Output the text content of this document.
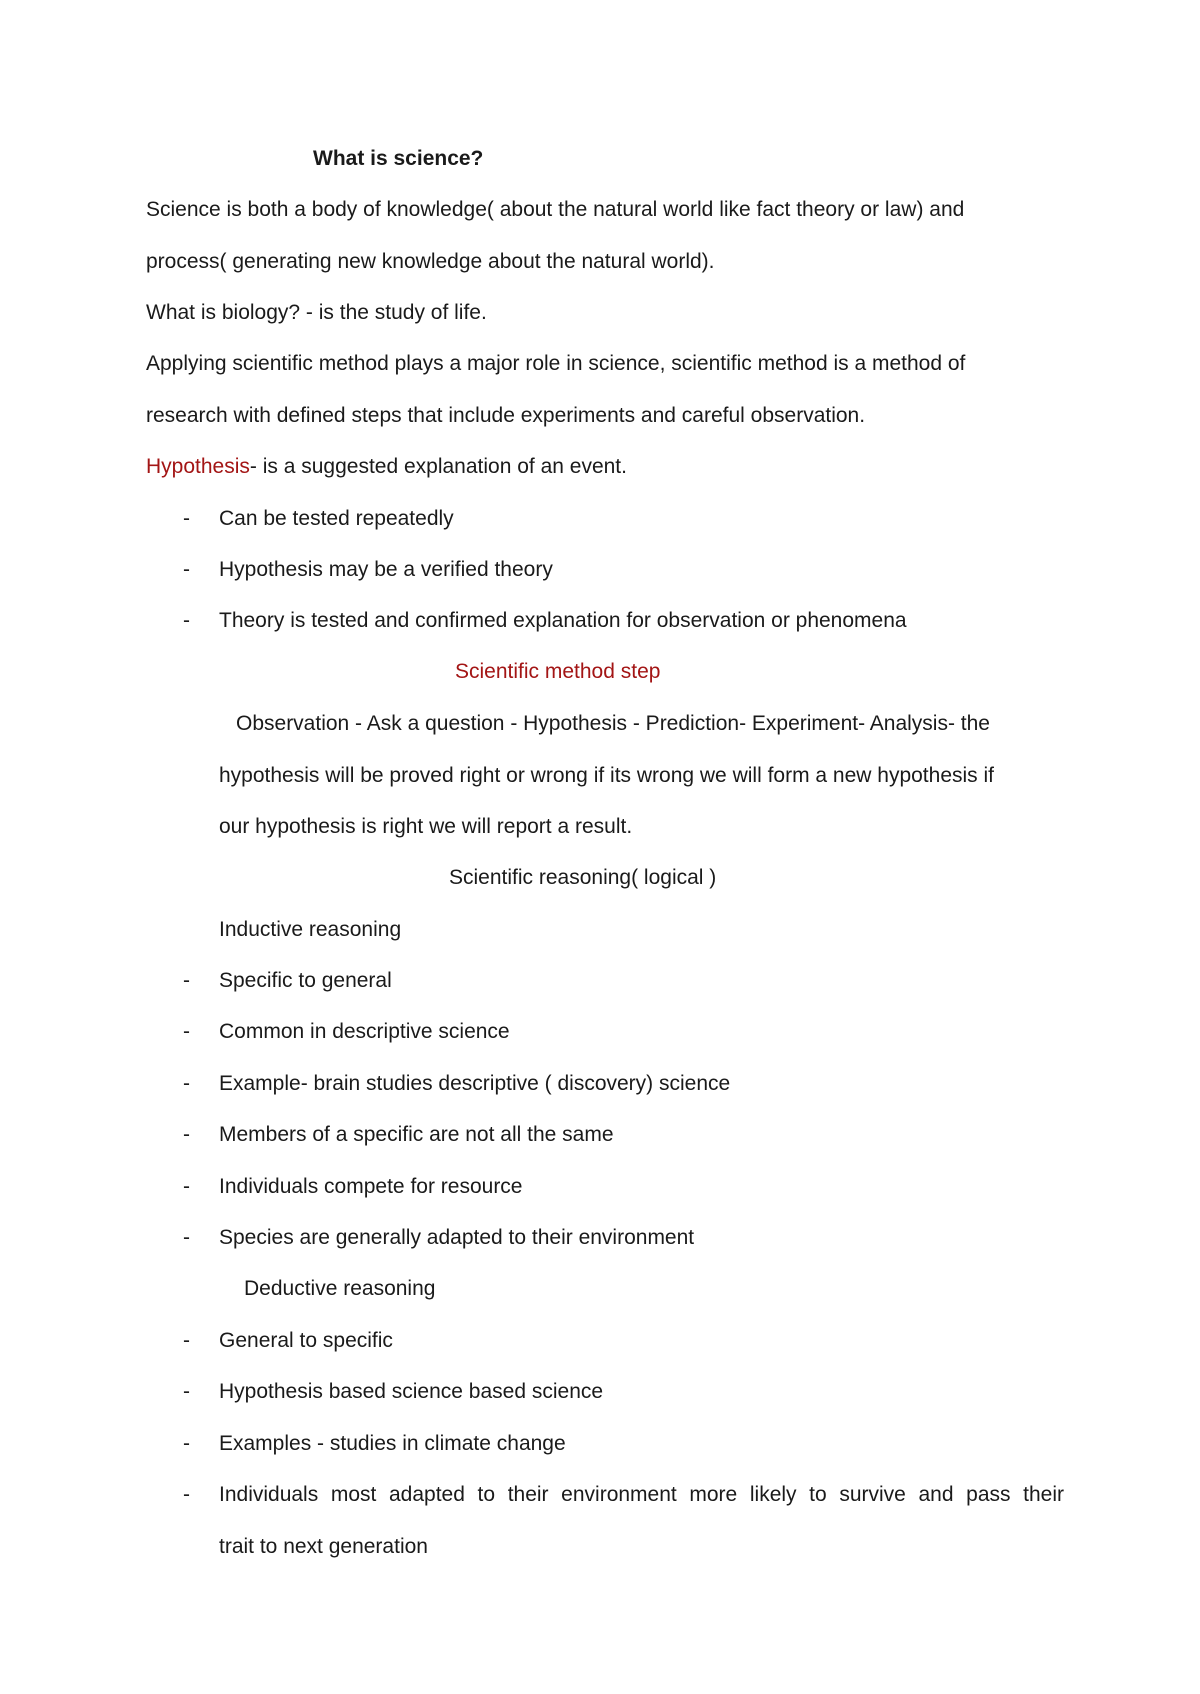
What is science?
Science is both a body of knowledge( about the natural world like fact theory or law) and
process( generating new knowledge about the natural world).
What is biology? - is the study of life.
Applying scientific method plays a major role in science, scientific method is a method of
research with defined steps that include experiments and careful observation.
Hypothesis- is a suggested explanation of an event.
- Can be tested repeatedly
- Hypothesis may be a verified theory
- Theory is tested and confirmed explanation for observation or phenomena
Scientific method step
Observation - Ask a question - Hypothesis - Prediction- Experiment- Analysis- the
hypothesis will be proved right or wrong if its wrong we will form a new hypothesis if
our hypothesis is right we will report a result.
Scientific reasoning( logical )
Inductive reasoning
- Specific to general
- Common in descriptive science
- Example- brain studies descriptive ( discovery) science
- Members of a specific are not all the same
- Individuals compete for resource
- Species are generally adapted to their environment
Deductive reasoning
- General to specific
- Hypothesis based science based science
- Examples - studies in climate change
- Individuals most adapted to their environment more likely to survive and pass their
trait to next generation
